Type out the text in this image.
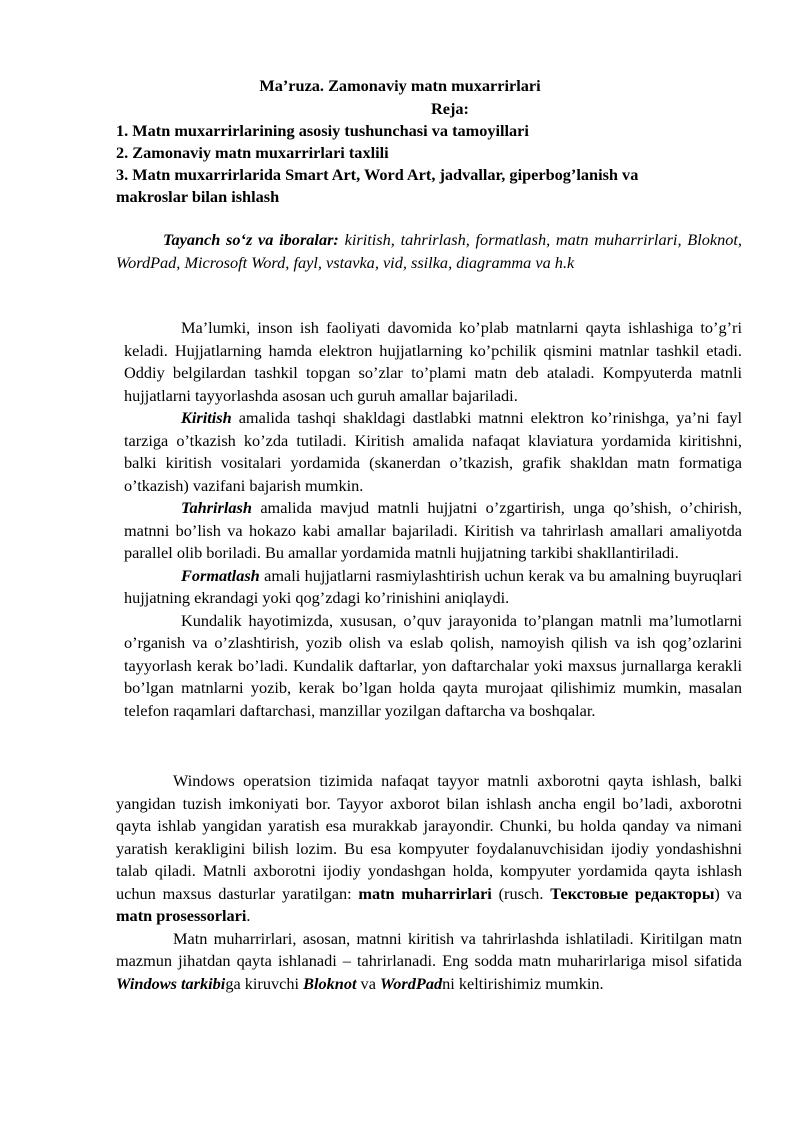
Ma’ruza. Zamonaviy matn muxarrirlari
Reja:
1. Matn muxarrirlarining asosiy tushunchasi va tamoyillari
2. Zamonaviy matn muxarrirlari taxlili
3. Matn muxarrirlarida Smart Art, Word Art, jadvallar, giperbog’lanish va
makroslar bilan ishlash

Tayanch so‘z va iboralar: kiritish, tahrirlash, formatlash, matn muharrirlari, Bloknot, WordPad, Microsoft Word, fayl, vstavka, vid, ssilka, diagramma va h.k

Ma’lumki, inson ish faoliyati davomida ko’plab matnlarni qayta ishlashiga to’g’ri keladi. Hujjatlarning hamda elektron hujjatlarning ko’pchilik qismini matnlar tashkil etadi. Oddiy belgilardan tashkil topgan so’zlar to’plami matn deb ataladi. Kompyuterda matnli hujjatlarni tayyorlashda asosan uch guruh amallar bajariladi.

Kiritish amalida tashqi shakldagi dastlabki matnni elektron ko’rinishga, ya’ni fayl tarziga o’tkazish ko’zda tutiladi. Kiritish amalida nafaqat klaviatura yordamida kiritishni, balki kiritish vositalari yordamida (skanerdan o’tkazish, grafik shakldan matn formatiga o’tkazish) vazifani bajarish mumkin.

Tahrirlash amalida mavjud matnli hujjatni o’zgartirish, unga qo’shish, o’chirish, matnni bo’lish va hokazo kabi amallar bajariladi. Kiritish va tahrirlash amallari amaliyotda parallel olib boriladi. Bu amallar yordamida matnli hujjatning tarkibi shakllantiriladi.

Formatlash amali hujjatlarni rasmiylashtirish uchun kerak va bu amalning buyruqlari hujjatning ekrandagi yoki qog’zdagi ko’rinishini aniqlaydi.

Kundalik hayotimizda, xususan, o’quv jarayonida to’plangan matnli ma’lumotlarni o’rganish va o’zlashtirish, yozib olish va eslab qolish, namoyish qilish va ish qog’ozlarini tayyorlash kerak bo’ladi. Kundalik daftarlar, yon daftarchalar yoki maxsus jurnallarga kerakli bo’lgan matnlarni yozib, kerak bo’lgan holda qayta murojaat qilishimiz mumkin, masalan telefon raqamlari daftarchasi, manzillar yozilgan daftarcha va boshqalar.

Windows operatsion tizimida nafaqat tayyor matnli axborotni qayta ishlash, balki yangidan tuzish imkoniyati bor. Tayyor axborot bilan ishlash ancha engil bo’ladi, axborotni qayta ishlab yangidan yaratish esa murakkab jarayondir. Chunki, bu holda qanday va nimani yaratish kerakligini bilish lozim. Bu esa kompyuter foydalanuvchisidan ijodiy yondashishni talab qiladi. Matnli axborotni ijodiy yondashgan holda, kompyuter yordamida qayta ishlash uchun maxsus dasturlar yaratilgan: matn muharrirlari (rusch. Текстовые редакторы) va matn prosessorlari.

Matn muharrirlari, asosan, matnni kiritish va tahrirlashda ishlatiladi. Kiritilgan matn mazmun jihatdan qayta ishlanadi – tahrirlanadi. Eng sodda matn muharirlariga misol sifatida Windows tarkibiga kiruvchi Bloknot va WordPadni keltirishimiz mumkin.
